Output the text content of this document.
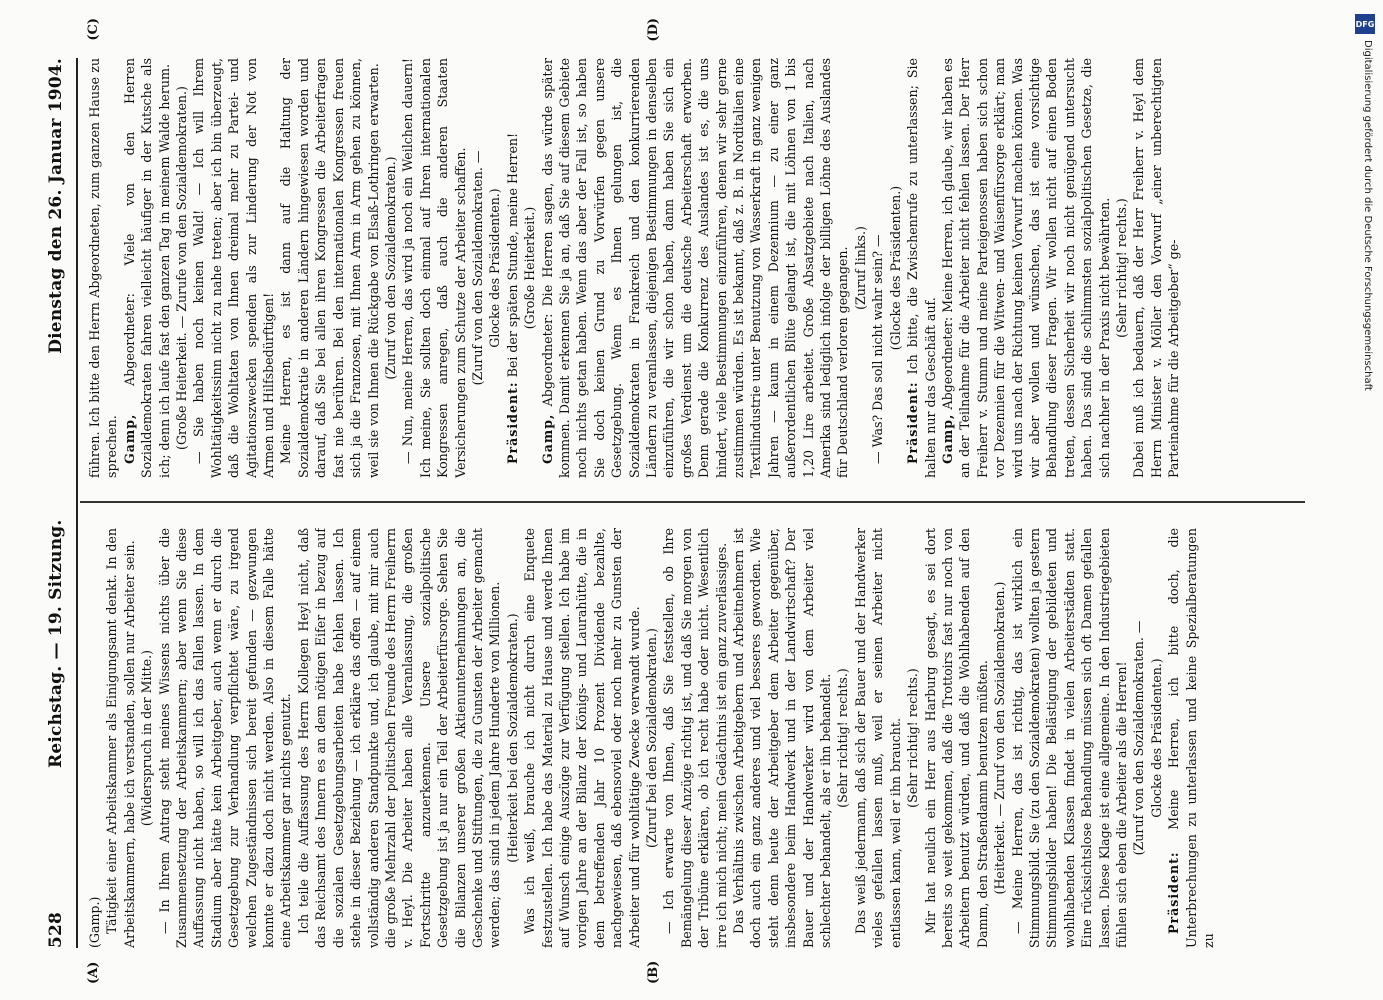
528
Reichstag. — 19. Sitzung.
Dienstag den 26. Januar 1904.
(A)	(B)
(C)	(D)

(Gamp.) Tätigkeit einer Arbeitskammer als Einigungsamt denkt. In den Arbeitskammern, habe ich verstanden, sollen nur Arbeiter sein. (Widerspruch in der Mitte.) — In Ihrem Antrag steht meines Wissens nichts über die Zusammensetzung der Arbeitskammern; aber wenn Sie diese Auffassung nicht haben, so will ich das fallen lassen. In dem Stadium aber hätte kein Arbeitgeber, auch wenn er durch die Gesetzgebung zur Verhandlung verpflichtet wäre, zu irgend welchen Zugeständnissen sich bereit gefunden — gezwungen konnte er dazu doch nicht werden. Also in diesem Falle hätte eine Arbeitskammer gar nichts genutzt. Ich teile die Auffassung des Herrn Kollegen Heyl nicht, daß das Reichsamt des Innern es an dem nötigen Eifer in bezug auf die sozialen Gesetzgebungsarbeiten habe fehlen lassen. Ich stehe in dieser Beziehung — ich erkläre das offen — auf einem vollständig anderen Standpunkte und, ich glaube, mit mir auch die große Mehrzahl der politischen Freunde des Herrn Freiherrn v. Heyl. Die Arbeiter haben alle Veranlassung, die großen Fortschritte anzuerkennen. Unsere sozialpolitische Gesetzgebung ist ja nur ein Teil der Arbeiterfürsorge. Sehen Sie die Bilanzen unserer großen Aktienunternehmungen an, die Geschenke und Stiftungen, die zu Gunsten der Arbeiter gemacht werden; das sind in jedem Jahre Hunderte von Millionen. (Heiterkeit bei den Sozialdemokraten.) Was ich weiß, brauche ich nicht durch eine Enquete festzustellen. Ich habe das Material zu Hause und werde Ihnen auf Wunsch einige Auszüge zur Verfügung stellen. Ich habe im vorigen Jahre an der Bilanz der Königs- und Laurahütte, die in dem betreffenden Jahr 10 Prozent Dividende bezahlte, nachgewiesen, daß ebensoviel oder noch mehr zu Gunsten der Arbeiter und für wohltätige Zwecke verwandt wurde. (Zuruf bei den Sozialdemokraten.) — Ich erwarte von Ihnen, daß Sie feststellen, ob Ihre Bemängelung dieser Anzüge richtig ist, und daß Sie morgen von der Tribüne erklären, ob ich recht habe oder nicht. Wesentlich irre ich mich nicht; mein Gedächtnis ist ein ganz zuverlässiges. Das Verhältnis zwischen Arbeitgebern und Arbeitnehmern ist doch auch ein ganz anderes und viel besseres geworden. Wie steht denn heute der Arbeitgeber dem Arbeiter gegenüber, insbesondere beim Handwerk und in der Landwirtschaft? Der Bauer und der Handwerker wird von dem Arbeiter viel schlechter behandelt, als er ihn behandelt. (Sehr richtig! rechts.) Das weiß jedermann, daß sich der Bauer und der Handwerker vieles gefallen lassen muß, weil er seinen Arbeiter nicht entlassen kann, weil er ihn braucht. (Sehr richtig! rechts.) Mir hat neulich ein Herr aus Harburg gesagt, es sei dort bereits so weit gekommen, daß die Trottoirs fast nur noch von Arbeitern benutzt würden, und daß die Wohlhabenden auf den Damm, den Straßendamm benutzen müßten. (Heiterkeit. — Zuruf von den Sozialdemokraten.) — Meine Herren, das ist richtig, das ist wirklich ein Stimmungsbild. Sie (zu den Sozialdemokraten) wollten ja gestern Stimmungsbilder haben! Die Belästigung der gebildeten und wohlhabenden Klassen findet in vielen Arbeiterstädten statt. Eine rücksichtslose Behandlung müssen sich oft Damen gefallen lassen. Diese Klage ist eine allgemeine. In den Industriegebieten fühlen sich eben die Arbeiter als die Herren! (Zuruf von den Sozialdemokraten. — Glocke des Präsidenten.)

Präsident: Meine Herren, ich bitte doch, die Unterbrechungen zu unterlassen und keine Spezialberatungen zu

führen. Ich bitte den Herrn Abgeordneten, zum ganzen Hause zu sprechen. Gamp, Abgeordneter: Viele von den Herren Sozialdemokraten fahren vielleicht häufiger in der Kutsche als ich; denn ich laufe fast den ganzen Tag in meinem Walde herum. (Große Heiterkeit. — Zurufe von den Sozialdemokraten.) — Sie haben noch keinen Wald! — Ich will Ihrem Wohltätigkeitssinn nicht zu nahe treten; aber ich bin überzeugt, daß die Wohltaten von Ihnen dreimal mehr zu Partei- und Agitationszwecken spenden als zur Linderung der Not von Armen und Hilfsbedürftigen! Meine Herren, es ist dann auf die Haltung der Sozialdemokratie in anderen Ländern hingewiesen worden und darauf, daß Sie bei allen ihren Kongressen die Arbeiterfragen fast nie berühren. Bei den internationalen Kongressen freuen sich ja die Franzosen, mit Ihnen Arm in Arm gehen zu können, weil sie von Ihnen die Rückgabe von Elsaß-Lothringen erwarten. (Zuruf von den Sozialdemokraten.) — Nun, meine Herren, das wird ja noch ein Weilchen dauern! Ich meine, Sie sollten doch einmal auf Ihren internationalen Kongressen anregen, daß auch die anderen Staaten Versicherungen zum Schutze der Arbeiter schaffen. (Zuruf von den Sozialdemokraten. — Glocke des Präsidenten.)

Präsident: Bei der späten Stunde, meine Herren! (Große Heiterkeit.)

Gamp, Abgeordneter: Die Herren sagen, das würde später kommen. Damit erkennen Sie ja an, daß Sie auf diesem Gebiete noch nichts getan haben. Wenn das aber der Fall ist, so haben Sie doch keinen Grund zu Vorwürfen gegen unsere Gesetzgebung. Wenn es Ihnen gelungen ist, die Sozialdemokraten in Frankreich und den konkurrierenden Ländern zu veranlassen, diejenigen Bestimmungen in denselben einzuführen, die wir schon haben, dann haben Sie sich ein großes Verdienst um die deutsche Arbeiterschaft erworben. Denn gerade die Konkurrenz des Auslandes ist es, die uns hindert, viele Bestimmungen einzuführen, denen wir sehr gerne zustimmen würden. Es ist bekannt, daß z. B. in Norditalien eine Textilindustrie unter Benutzung von Wasserkraft in ganz wenigen Jahren — kaum in einem Dezennium — zu einer ganz außerordentlichen Blüte gelangt ist, die mit Löhnen von 1 bis 1,20 Lire arbeitet. Große Absatzgebiete nach Italien, nach Amerika sind lediglich infolge der billigen Löhne des Auslandes für Deutschland verloren gegangen. (Zuruf links.) — Was? Das soll nicht wahr sein? — (Glocke des Präsidenten.)

Präsident: Ich bitte, die Zwischenrufe zu unterlassen; Sie halten nur das Geschäft auf. Gamp, Abgeordneter: Meine Herren, ich glaube, wir haben es an der Teilnahme für die Arbeiter nicht fehlen lassen. Der Herr Freiherr v. Stumm und meine Parteigenossen haben sich schon vor Dezennien für die Witwen- und Waisenfürsorge erklärt; man wird uns nach der Richtung keinen Vorwurf machen können. Was wir aber wollen und wünschen, das ist eine vorsichtige Behandlung dieser Fragen. Wir wollen nicht auf einen Boden treten, dessen Sicherheit wir noch nicht genügend untersucht haben. Das sind die schlimmsten sozialpolitischen Gesetze, die sich nachher in der Praxis nicht bewährten. (Sehr richtig! rechts.) Dabei muß ich bedauern, daß der Herr Freiherr v. Heyl dem Herrn Minister v. Möller den Vorwurf „einer unberechtigten Parteinahme für die Arbeitgeber“ ge-

DFG
Digitalisierung gefördert durch die Deutsche Forschungsgemeinschaft
